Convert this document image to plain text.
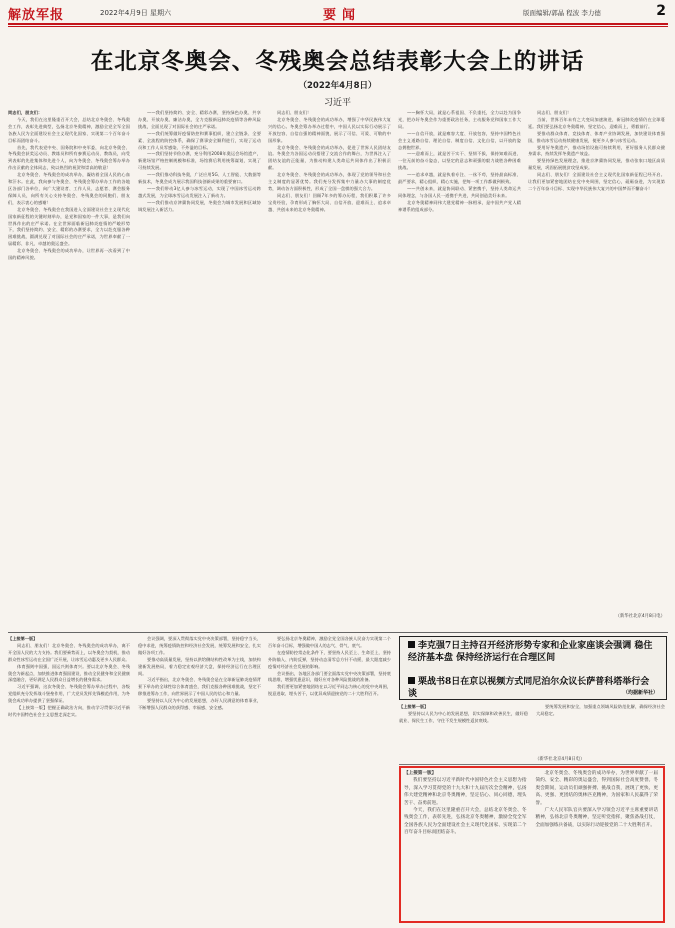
解放军报	2022年4月9日 星期六	要闻	版面编辑/郭晶 程波 李力德	2
在北京冬奥会、冬残奥会总结表彰大会上的讲话
（2022年4月8日）
习近平

同志们，朋友们：

今天，我们在这里隆重召开大会，总结北京冬奥会、冬残奥会工作，表彰先进典型，弘扬北京冬奥精神，激励全党全军全国各族人民为全面建设社会主义现代化国家、实现第二个百年奋斗目标而团结奋斗。

首先，我代表党中央、国务院和中央军委，向北京冬奥会、冬残奥会获奖运动员、教练员和所有参赛运动员、教练员，向受到表彰的先进集体和先进个人，向为冬奥会、冬残奥会筹办举办作出贡献的全体同志，致以热烈的祝贺和崇高的敬意！

北京冬奥会、冬残奥会的成功举办，凝结着全国人民的心血和汗水。在此，我向参与冬奥会、冬残奥会筹办举办工作的各地区各部门各单位，向广大建设者、工作人员、志愿者、赛会服务保障人员，向所有关心支持冬奥会、冬残奥会的同胞们、朋友们，表示衷心的感谢！

北京冬奥会、冬残奥会在我国进入全面建设社会主义现代化国家新征程的关键时刻举办，是党和国家的一件大事，是我们向世界作出的庄严承诺。在全世界面临新冠肺炎疫情的严峻形势下，我们坚持简约、安全、精彩的办赛要求，全力以赴克服各种困难挑战，圆满兑现了对国际社会的庄严承诺，为世界奉献了一届精彩、非凡、卓越的奥运盛会。

北京冬奥会、冬残奥会的成功举办，让世界再一次看到了中国的精神风貌。

——我们坚持简约、安全、精彩办赛，坚持绿色办奥、共享办奥、开放办奥、廉洁办奥，全力克服新冠肺炎疫情等各种风险挑战，全面兑现了对国际社会的庄严承诺。

——我们统筹做好疫情防控和赛事组织，建立全链条、全要素、全流程的防控体系，确保了赛事安全顺利进行，实现了运动员和工作人员零感染、不外溢的目标。

——我们坚持节俭办赛，充分利用2008年奥运会场馆遗产，新建场馆严格控制规模和标准，场馆赛后利用统筹谋划，实现了可持续发展。

——我们推动科技冬奥，广泛应用5G、人工智能、大数据等新技术，冬奥会成为展示我国科技创新成果的重要窗口。

——我们带动3亿人参与冰雪运动，实现了中国冰雪运动跨越式发展，为全球冰雪运动发展注入了新动力。

——我们推动京津冀协同发展，冬奥会为城市发展和区域协调发展注入新活力。

同志们、朋友们！

北京冬奥会、冬残奥会的成功举办，增强了中华民族伟大复兴的信心。冬奥会筹办举办过程中，中国人民以实际行动展示了开放包容、自信自强的精神面貌，展示了可信、可爱、可敬的中国形象。

北京冬奥会、冬残奥会的成功举办，促进了世界人民团结友谊。冬奥会为各国运动员搭建了交流合作的舞台，为世界注入了团结友谊的正能量，为推动构建人类命运共同体作出了积极贡献。

北京冬奥会、冬残奥会的成功举办，体现了党的领导和社会主义制度的显著优势。我们充分发挥集中力量办大事的制度优势，调动各方面积极性，形成了全国一盘棋的强大合力。

同志们、朋友们！回顾7年多的筹办历程，我们积累了许多宝贵经验，孕育形成了胸怀大局、自信开放、迎难而上、追求卓越、共创未来的北京冬奥精神。

——胸怀大局，就是心系祖国、不负重托，全力以赴为国争光，把办好冬奥会作为重要政治任务，主动服务党和国家工作大局。

——自信开放，就是雍容大度、开放包容，坚持中国特色社会主义道路自信、理论自信、制度自信、文化自信，以开放的姿态拥抱世界。

——迎难而上，就是苦干实干、坚韧不拔，保持知难而进、一往无前的奋斗姿态，以坚定的意志和顽强的毅力战胜各种困难挑战。

——追求卓越，就是执着专注、一丝不苟，坚持最高标准、最严要求，精心组织、精心实施，把每一项工作都做到极致。

——共创未来，就是协同联动、紧密携手，坚持人类命运共同体理念，与各国人民一道携手共进，共同创造美好未来。

北京冬奥精神同伟大建党精神一脉相承，是中国共产党人精神谱系的组成部分。

同志们、朋友们！

当前，世界百年未有之大变局加速演进，新冠肺炎疫情仍在全球蔓延。我们要弘扬北京冬奥精神，坚定信心，迎难而上，勇毅前行。

要推动群众体育、竞技体育、体育产业协调发展，加快建设体育强国，推动冰雪运动持续健康发展，使更多人参与冰雪运动。

要用好冬奥遗产，推动场馆设施可持续利用，更好服务人民群众健身需求，持续发挥冬奥遗产效益。

要坚持绿色发展理念，推进京津冀协同发展，推动张家口地区高质量发展，巩固拓展脱贫攻坚成果。

同志们、朋友们！全面建设社会主义现代化国家新征程已经开启。让我们更加紧密地团结在党中央周围，坚定信心，砥砺奋进，为实现第二个百年奋斗目标、实现中华民族伟大复兴的中国梦而不懈奋斗！

（新华社北京4月8日电）
李克强7日主持召开经济形势专家和企业家座谈会强调 稳住经济基本盘 保持经济运行在合理区间
栗战书8日在京以视频方式同尼泊尔众议长萨普科塔举行会谈	（均据新华社）

【上接第一版】

同志们、朋友们！北京冬奥会、冬残奥会的成功举办，离不开全国人民的大力支持。我们要乘势而上，以冬奥会为契机，推动群众性冰雪运动在全国广泛开展，让冰雪运动惠及更多人民群众。

体育强则中国强，国运兴则体育兴。要以北京冬奥会、冬残奥会为新起点，加快推进体育强国建设，推动全民健身和全民健康深度融合，更好满足人民群众日益增长的健身需求。

习近平强调，这次冬奥会、冬残奥会筹办举办过程中，各级党组织充分发挥战斗堡垒作用，广大党员发挥先锋模范作用，为冬奥会成功举办提供了坚强保证。

【上接第一版】把握正确政治方向，推动学习贯彻习近平新时代中国特色社会主义思想走深走实。

会议强调，要深入贯彻落实党中央决策部署，坚持稳字当头、稳中求进，统筹疫情防控和经济社会发展，统筹发展和安全，扎实做好各项工作。

要推动高质量发展，坚持以供给侧结构性改革为主线，加快构建新发展格局，着力稳定宏观经济大盘，保持经济运行在合理区间。

习近平指出，北京冬奥会、冬残奥会是在全球新冠肺炎疫情背景下举办的全球性综合体育盛会，我们克服各种困难挑战，坚定不移推进筹办工作，向世界展示了中国人民的信心和力量。

要坚持以人民为中心的发展思想，办好人民满意的体育事业，不断增强人民群众的获得感、幸福感、安全感。

要弘扬北京冬奥精神，激励全党全国各族人民奋力实现第二个百年奋斗目标，增强做中国人的志气、骨气、底气。

在疫情防控常态化条件下，要坚持人民至上、生命至上，坚持外防输入、内防反弹，坚持动态清零总方针不动摇，最大限度减少疫情对经济社会发展的影响。

会议指出，各地区各部门要全面落实党中央决策部署，坚持底线思维，增强忧患意识，做好应对各种风险挑战的准备。

我们要更加紧密地团结在以习近平同志为核心的党中央周围，锐意进取、埋头苦干，以优异成绩迎接党的二十大胜利召开。

【上接第一版】

要坚持以人民为中心的发展思想，切实保障和改善民生，做好稳就业、保民生工作，守住不发生规模性返贫底线。

要统筹发展和安全，加强重点领域风险防范化解，确保经济社会大局稳定。

（新华社北京4月8日电）

【上接第一版】

我们要坚持以习近平新时代中国特色社会主义思想为指导，深入学习贯彻党的十九大和十九届历次全会精神，弘扬伟大建党精神和北京冬奥精神，坚定信心、同心同德，埋头苦干、奋勇前进。

今天，我们在这里隆重召开大会，总结北京冬奥会、冬残奥会工作，表彰先进，弘扬北京冬奥精神，激励全党全军全国各族人民为全面建设社会主义现代化国家、实现第二个百年奋斗目标而团结奋斗。

北京冬奥会、冬残奥会的成功举办，为世界奉献了一届简约、安全、精彩的奥运盛会，得到国际社会高度赞誉。冬奥会期间，运动员们顽强拼搏、挑战自我，展现了更快、更高、更强、更团结的奥林匹克精神，为国家和人民赢得了荣誉。

广大人民军队官兵要深入学习领会习近平主席重要讲话精神，弘扬北京冬奥精神，坚定听党指挥，聚焦备战打仗，全面加强练兵备战，以实际行动迎接党的二十大胜利召开。
